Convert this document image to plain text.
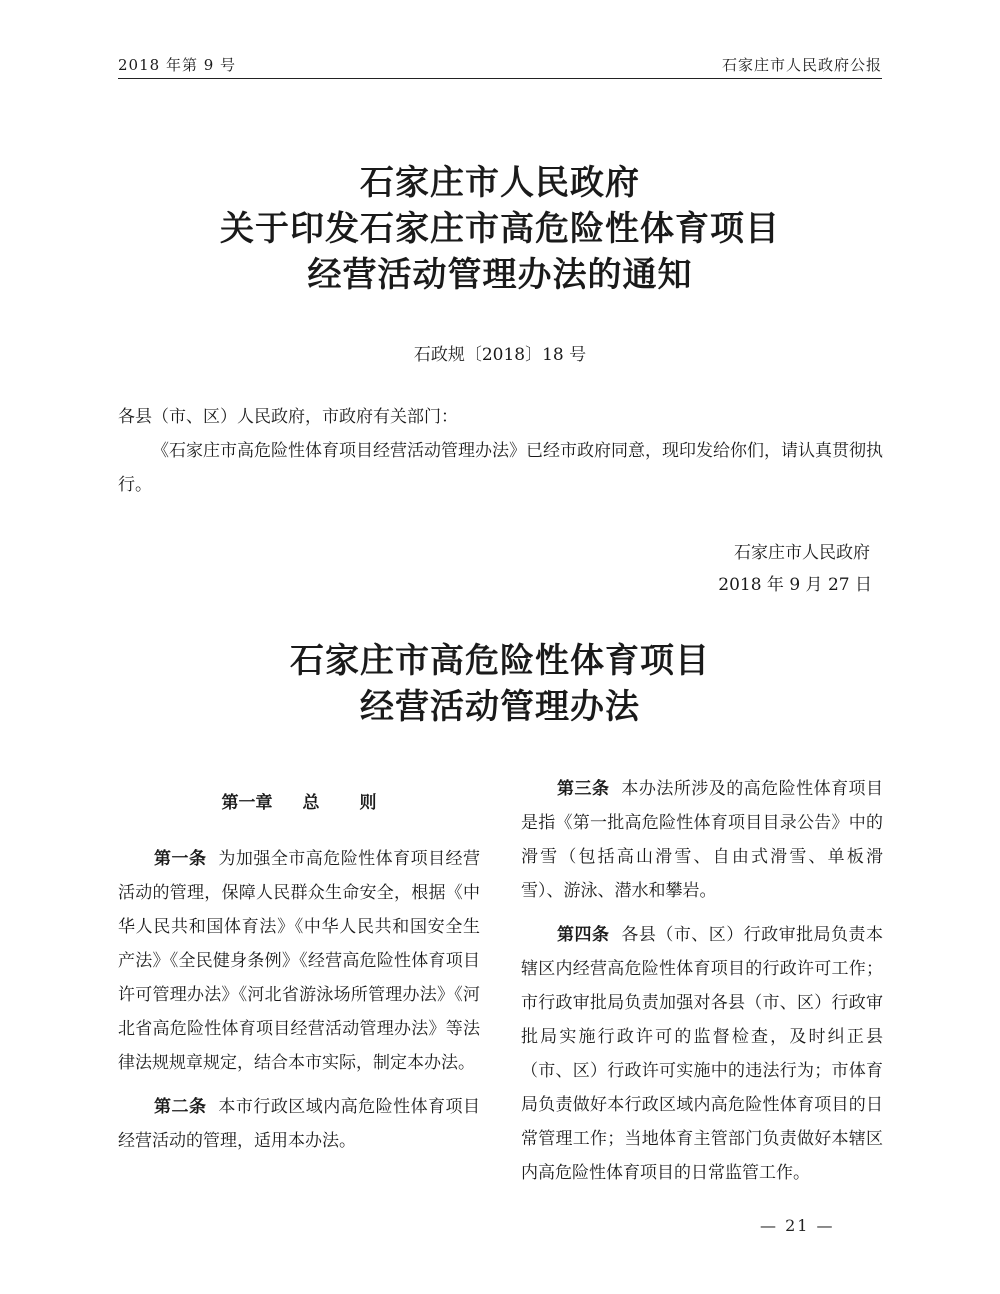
2018 年第 9 号	石家庄市人民政府公报
石家庄市人民政府
关于印发石家庄市高危险性体育项目
经营活动管理办法的通知
石政规〔2018〕18 号
各县（市、区）人民政府，市政府有关部门：
《石家庄市高危险性体育项目经营活动管理办法》已经市政府同意，现印发给你们，请认真贯彻执行。
石家庄市人民政府
2018 年 9 月 27 日
石家庄市高危险性体育项目
经营活动管理办法
第一章 总 则

第一条 为加强全市高危险性体育项目经营活动的管理，保障人民群众生命安全，根据《中华人民共和国体育法》《中华人民共和国安全生产法》《全民健身条例》《经营高危险性体育项目许可管理办法》《河北省游泳场所管理办法》《河北省高危险性体育项目经营活动管理办法》等法律法规规章规定，结合本市实际，制定本办法。

第二条 本市行政区域内高危险性体育项目经营活动的管理，适用本办法。

第三条 本办法所涉及的高危险性体育项目是指《第一批高危险性体育项目目录公告》中的滑雪（包括高山滑雪、自由式滑雪、单板滑雪）、游泳、潜水和攀岩。

第四条 各县（市、区）行政审批局负责本辖区内经营高危险性体育项目的行政许可工作；市行政审批局负责加强对各县（市、区）行政审批局实施行政许可的监督检查，及时纠正县（市、区）行政许可实施中的违法行为；市体育局负责做好本行政区域内高危险性体育项目的日常管理工作；当地体育主管部门负责做好本辖区内高危险性体育项目的日常监管工作。

— 21 —
